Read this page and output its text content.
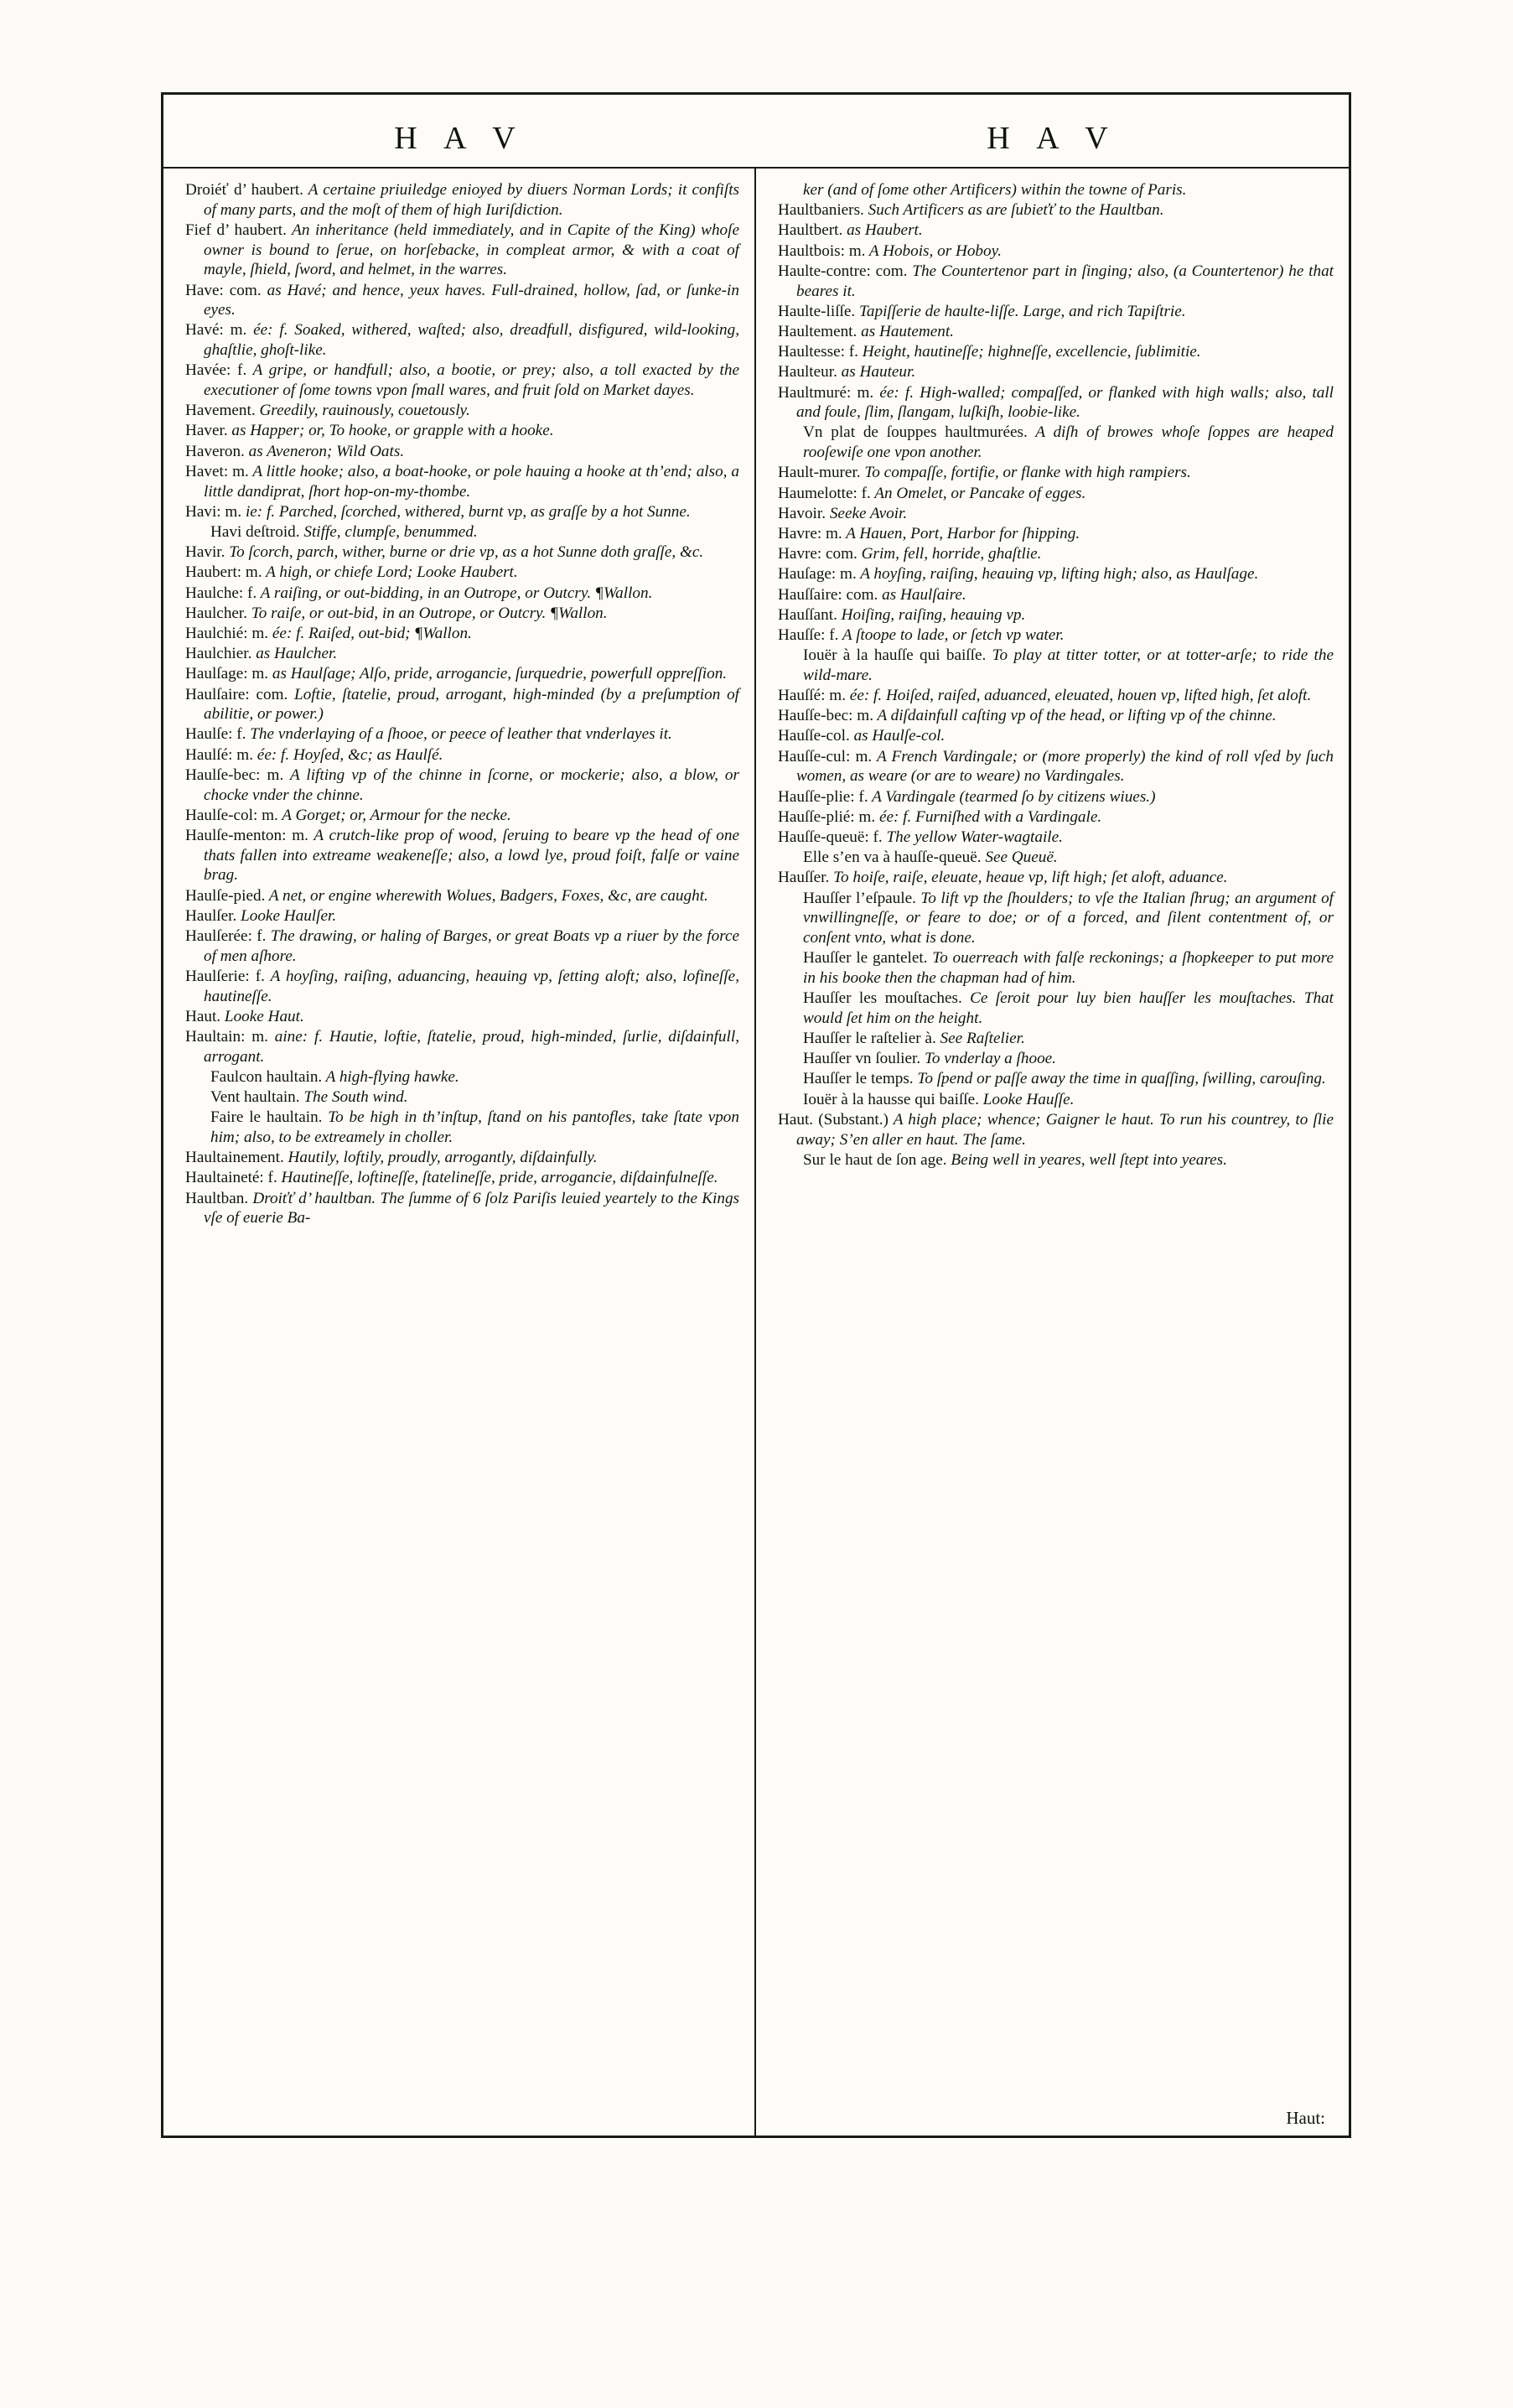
H A V	H A V

Droiéť d’ haubert. A certaine priuiledge enioyed by diuers Norman Lords; it confiſts of many parts, and the moſt of them of high Iuriſdiction.

Fief d’ haubert. An inheritance (held immediately, and in Capite of the King) whoſe owner is bound to ſerue, on horſebacke, in compleat armor, & with a coat of mayle, ſhield, ſword, and helmet, in the warres.

Have: com. as Havé; and hence, yeux haves. Full-drained, hollow, ſad, or ſunke-in eyes.

Havé: m. ée: f. Soaked, withered, waſted; also, dreadfull, disfigured, wild-looking, ghaſtlie, ghoſt-like.

Havée: f. A gripe, or handfull; also, a bootie, or prey; also, a toll exacted by the executioner of ſome towns vpon ſmall wares, and fruit ſold on Market dayes.

Havement. Greedily, rauinously, couetously.

Haver. as Happer; or, To hooke, or grapple with a hooke.

Haveron. as Aveneron; Wild Oats.

Havet: m. A little hooke; also, a boat-hooke, or pole hauing a hooke at th’end; also, a little dandiprat, ſhort hop-on-my-thombe.

Havi: m. ie: f. Parched, ſcorched, withered, burnt vp, as graſſe by a hot Sunne.

Havi deſtroid. Stiffe, clumpſe, benummed.

Havir. To ſcorch, parch, wither, burne or drie vp, as a hot Sunne doth graſſe, &c.

Haubert: m. A high, or chiefe Lord; Looke Haubert.

Haulche: f. A raiſing, or out-bidding, in an Outrope, or Outcry. ¶Wallon.

Haulcher. To raiſe, or out-bid, in an Outrope, or Outcry. ¶Wallon.

Haulchié: m. ée: f. Raiſed, out-bid; ¶Wallon.

Haulchier. as Haulcher.

Haulſage: m. as Haulſage; Alſo, pride, arrogancie, ſurquedrie, powerfull oppreſſion.

Haulſaire: com. Loftie, ſtatelie, proud, arrogant, high-minded (by a preſumption of abilitie, or power.)

Haulſe: f. The vnderlaying of a ſhooe, or peece of leather that vnderlayes it.

Haulſé: m. ée: f. Hoyſed, &c; as Haulſé.

Haulſe-bec: m. A lifting vp of the chinne in ſcorne, or mockerie; also, a blow, or chocke vnder the chinne.

Haulſe-col: m. A Gorget; or, Armour for the necke.

Haulſe-menton: m. A crutch-like prop of wood, ſeruing to beare vp the head of one thats fallen into extreame weakeneſſe; also, a lowd lye, proud foiſt, falſe or vaine brag.

Haulſe-pied. A net, or engine wherewith Wolues, Badgers, Foxes, &c, are caught.

Haulſer. Looke Haulſer.

Haulſerée: f. The drawing, or haling of Barges, or great Boats vp a riuer by the force of men aſhore.

Haulſerie: f. A hoyſing, raiſing, aduancing, heauing vp, ſetting aloft; also, lofineſſe, hautineſſe.

Haut. Looke Haut.

Haultain: m. aine: f. Hautie, loftie, ſtatelie, proud, high-minded, ſurlie, diſdainfull, arrogant.

Faulcon haultain. A high-flying hawke.

Vent haultain. The South wind.

Faire le haultain. To be high in th’inſtup, ſtand on his pantofles, take ſtate vpon him; also, to be extreamely in choller.

Haultainement. Hautily, loftily, proudly, arrogantly, diſdainfully.

Haultaineté: f. Hautineſſe, loftineſſe, ſtatelineſſe, pride, arrogancie, diſdainfulneſſe.

Haultban. Droiťť d’ haultban. The ſumme of 6 ſolz Pariſis leuied yeartely to the Kings vſe of euerie Ba-

ker (and of ſome other Artificers) within the towne of Paris.

Haultbaniers. Such Artificers as are ſubieťť to the Haultban.

Haultbert. as Haubert.

Haultbois: m. A Hobois, or Hoboy.

Haulte-contre: com. The Countertenor part in ſinging; also, (a Countertenor) he that beares it.

Haulte-liſſe. Tapiſſerie de haulte-liſſe. Large, and rich Tapiſtrie.

Haultement. as Hautement.

Haultesse: f. Height, hautineſſe; highneſſe, excellencie, ſublimitie.

Haulteur. as Hauteur.

Haultmuré: m. ée: f. High-walled; compaſſed, or flanked with high walls; also, tall and foule, ſlim, ſlangam, luſkiſh, loobie-like.

Vn plat de ſouppes haultmurées. A diſh of browes whoſe ſoppes are heaped rooſewiſe one vpon another.

Hault-murer. To compaſſe, fortifie, or flanke with high rampiers.

Haumelotte: f. An Omelet, or Pancake of egges.

Havoir. Seeke Avoir.

Havre: m. A Hauen, Port, Harbor for ſhipping.

Havre: com. Grim, fell, horride, ghaſtlie.

Hauſage: m. A hoyſing, raiſing, heauing vp, lifting high; also, as Haulſage.

Hauſſaire: com. as Haulſaire.

Hauſſant. Hoiſing, raiſing, heauing vp.

Hauſſe: f. A ſtoope to lade, or ſetch vp water.

Iouër à la hauſſe qui baiſſe. To play at titter totter, or at totter-arſe; to ride the wild-mare.

Hauſſé: m. ée: f. Hoiſed, raiſed, aduanced, eleuated, houen vp, lifted high, ſet aloft.

Hauſſe-bec: m. A diſdainfull caſting vp of the head, or lifting vp of the chinne.

Hauſſe-col. as Haulſe-col.

Hauſſe-cul: m. A French Vardingale; or (more properly) the kind of roll vſed by ſuch women, as weare (or are to weare) no Vardingales.

Hauſſe-plie: f. A Vardingale (tearmed ſo by citizens wiues.)

Hauſſe-plié: m. ée: f. Furniſhed with a Vardingale.

Hauſſe-queuë: f. The yellow Water-wagtaile.

Elle s’en va à hauſſe-queuë. See Queuë.

Hauſſer. To hoiſe, raiſe, eleuate, heaue vp, lift high; ſet aloft, aduance.

Hauſſer l’eſpaule. To lift vp the ſhoulders; to vſe the Italian ſhrug; an argument of vnwillingneſſe, or feare to doe; or of a forced, and ſilent contentment of, or conſent vnto, what is done.

Hauſſer le gantelet. To ouerreach with falſe reckonings; a ſhopkeeper to put more in his booke then the chapman had of him.

Hauſſer les mouſtaches. Ce ſeroit pour luy bien hauſſer les mouſtaches. That would ſet him on the height.

Hauſſer le raſtelier à. See Raſtelier.

Hauſſer vn ſoulier. To vnderlay a ſhooe.

Hauſſer le temps. To ſpend or paſſe away the time in quaſſing, ſwilling, carouſing.

Iouër à la hausse qui baiſſe. Looke Hauſſe.

Haut. (Substant.) A high place; whence; Gaigner le haut. To run his countrey, to ſlie away; S’en aller en haut. The ſame.

Sur le haut de ſon age. Being well in yeares, well ſtept into yeares.

Haut:
